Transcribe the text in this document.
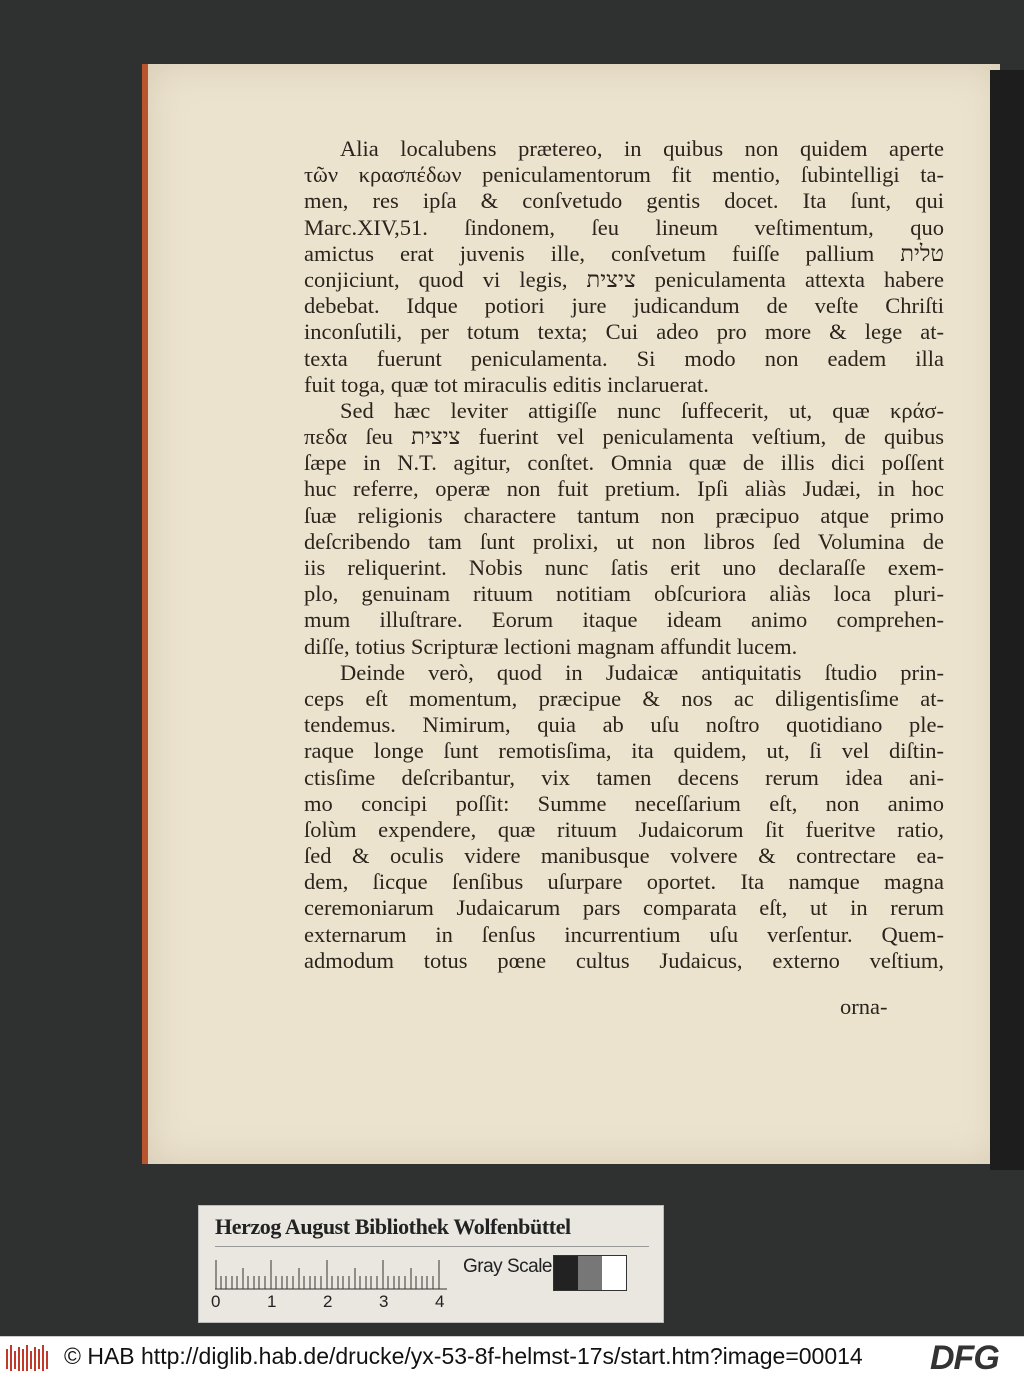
Alia localubens prætereo, in quibus non quidem aperte
τῶν κρασπέδων peniculamentorum fit mentio, ſubintelligi ta-
men, res ipſa & conſvetudo gentis docet. Ita ſunt, qui
Marc.XIV,51. ſindonem, ſeu lineum veſtimentum, quo
amictus erat juvenis ille, conſvetum fuiſſe pallium טלית
conjiciunt, quod vi legis, ציצית peniculamenta attexta habere
debebat. Idque potiori jure judicandum de veſte Chriſti
inconſutili, per totum texta; Cui adeo pro more & lege at-
texta fuerunt peniculamenta. Si modo non eadem illa
fuit toga, quæ tot miraculis editis inclaruerat.
Sed hæc leviter attigiſſe nunc ſuffecerit, ut, quæ κράσ-
πεδα ſeu ציצית fuerint vel peniculamenta veſtium, de quibus
ſæpe in N.T. agitur, conſtet. Omnia quæ de illis dici poſſent
huc referre, operæ non fuit pretium. Ipſi aliàs Judæi, in hoc
ſuæ religionis charactere tantum non præcipuo atque primo
deſcribendo tam ſunt prolixi, ut non libros ſed Volumina de
iis reliquerint. Nobis nunc ſatis erit uno declaraſſe exem-
plo, genuinam rituum notitiam obſcuriora aliàs loca pluri-
mum illuſtrare. Eorum itaque ideam animo comprehen-
diſſe, totius Scripturæ lectioni magnam affundit lucem.
Deinde verò, quod in Judaicæ antiquitatis ſtudio prin-
ceps eſt momentum, præcipue & nos ac diligentisſime at-
tendemus. Nimirum, quia ab uſu noſtro quotidiano ple-
raque longe ſunt remotisſima, ita quidem, ut, ſi vel diſtin-
ctisſime deſcribantur, vix tamen decens rerum idea ani-
mo concipi poſſit: Summe neceſſarium eſt, non animo
ſolùm expendere, quæ rituum Judaicorum ſit fueritve ratio,
ſed & oculis videre manibusque volvere & contrectare ea-
dem, ſicque ſenſibus uſurpare oportet. Ita namque magna
ceremoniarum Judaicarum pars comparata eſt, ut in rerum
externarum in ſenſus incurrentium uſu verſentur. Quem-
admodum totus pœne cultus Judaicus, externo veſtium,
orna-
Herzog August Bibliothek Wolfenbüttel
0	1	2	3	4
Gray Scale
© HAB http://diglib.hab.de/drucke/yx-53-8f-helmst-17s/start.htm?image=00014 DFG
